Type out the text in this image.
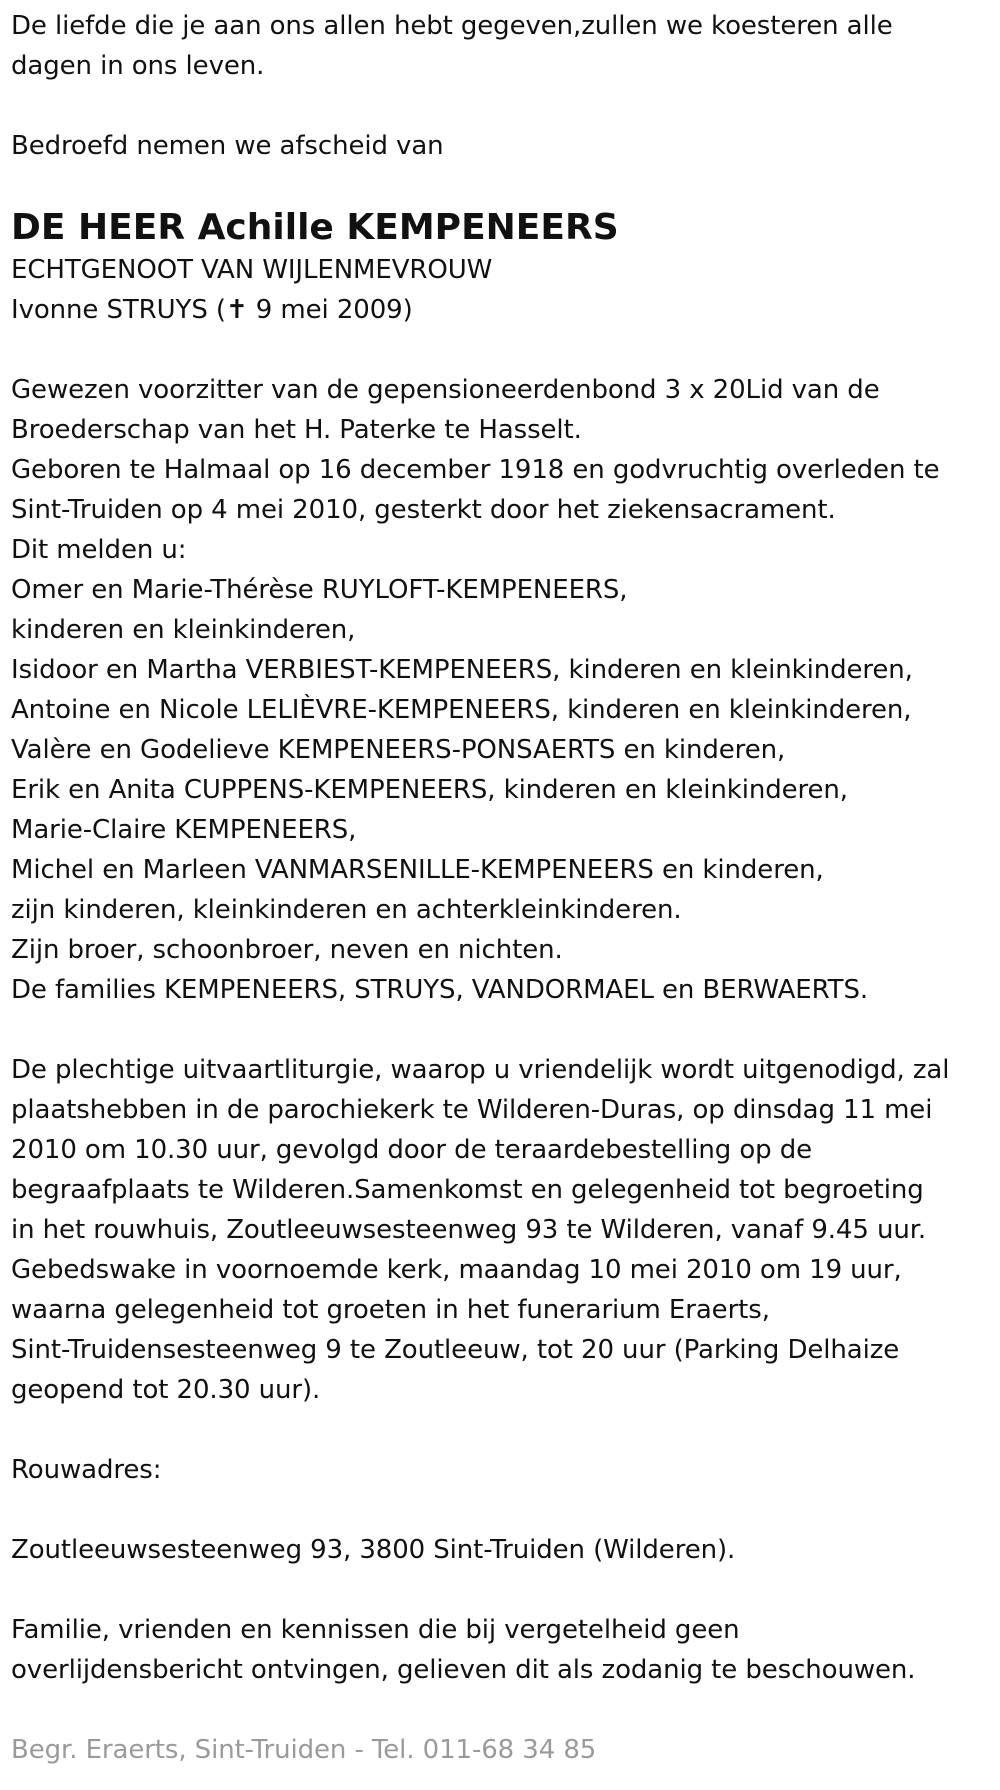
De liefde die je aan ons allen hebt gegeven,zullen we koesteren alle
dagen in ons leven.
Bedroefd nemen we afscheid van
DE HEER Achille KEMPENEERS
ECHTGENOOT VAN WIJLENMEVROUW
Ivonne STRUYS (✝ 9 mei 2009)
Gewezen voorzitter van de gepensioneerdenbond 3 x 20Lid van de
Broederschap van het H. Paterke te Hasselt.
Geboren te Halmaal op 16 december 1918 en godvruchtig overleden te
Sint-Truiden op 4 mei 2010, gesterkt door het ziekensacrament.
Dit melden u:
Omer en Marie-Thérèse RUYLOFT-KEMPENEERS,
kinderen en kleinkinderen,
Isidoor en Martha VERBIEST-KEMPENEERS, kinderen en kleinkinderen,
Antoine en Nicole LELIÈVRE-KEMPENEERS, kinderen en kleinkinderen,
Valère en Godelieve KEMPENEERS-PONSAERTS en kinderen,
Erik en Anita CUPPENS-KEMPENEERS, kinderen en kleinkinderen,
Marie-Claire KEMPENEERS,
Michel en Marleen VANMARSENILLE-KEMPENEERS en kinderen,
zijn kinderen, kleinkinderen en achterkleinkinderen.
Zijn broer, schoonbroer, neven en nichten.
De families KEMPENEERS, STRUYS, VANDORMAEL en BERWAERTS.
De plechtige uitvaartliturgie, waarop u vriendelijk wordt uitgenodigd, zal
plaatshebben in de parochiekerk te Wilderen-Duras, op dinsdag 11 mei
2010 om 10.30 uur, gevolgd door de teraardebestelling op de
begraafplaats te Wilderen.Samenkomst en gelegenheid tot begroeting
in het rouwhuis, Zoutleeuwsesteenweg 93 te Wilderen, vanaf 9.45 uur.
Gebedswake in voornoemde kerk, maandag 10 mei 2010 om 19 uur,
waarna gelegenheid tot groeten in het funerarium Eraerts,
Sint-Truidensesteenweg 9 te Zoutleeuw, tot 20 uur (Parking Delhaize
geopend tot 20.30 uur).
Rouwadres:
Zoutleeuwsesteenweg 93, 3800 Sint-Truiden (Wilderen).
Familie, vrienden en kennissen die bij vergetelheid geen
overlijdensbericht ontvingen, gelieven dit als zodanig te beschouwen.
Begr. Eraerts, Sint-Truiden - Tel. 011-68 34 85
